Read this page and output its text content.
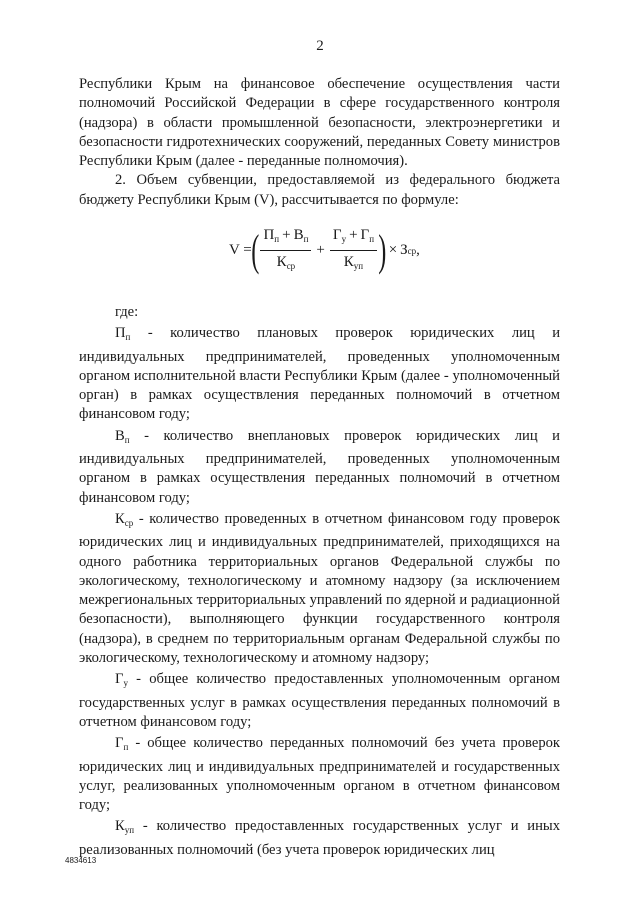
2

Республики Крым на финансовое обеспечение осуществления части полномочий Российской Федерации в сфере государственного контроля (надзора) в области промышленной безопасности, электроэнергетики и безопасности гидротехнических сооружений, переданных Совету министров Республики Крым (далее - переданные полномочия).

2. Объем субвенции, предоставляемой из федерального бюджета бюджету Республики Крым (V), рассчитывается по формуле:

V = ( $\frac{П_п + В_п}{К_{ср}} + \frac{Г_у + Г_п}{К_{уп}}$ ) × З ср ,

где:

$П_п$ - количество плановых проверок юридических лиц и индивидуальных предпринимателей, проведенных уполномоченным органом исполнительной власти Республики Крым (далее - уполномоченный орган) в рамках осуществления переданных полномочий в отчетном финансовом году;

$В_п$ - количество внеплановых проверок юридических лиц и индивидуальных предпринимателей, проведенных уполномоченным органом в рамках осуществления переданных полномочий в отчетном финансовом году;

$К_{ср}$ - количество проведенных в отчетном финансовом году проверок юридических лиц и индивидуальных предпринимателей, приходящихся на одного работника территориальных органов Федеральной службы по экологическому, технологическому и атомному надзору (за исключением межрегиональных территориальных управлений по ядерной и радиационной безопасности), выполняющего функции государственного контроля (надзора), в среднем по территориальным органам Федеральной службы по экологическому, технологическому и атомному надзору;

$Г_у$ - общее количество предоставленных уполномоченным органом государственных услуг в рамках осуществления переданных полномочий в отчетном финансовом году;

$Г_п$ - общее количество переданных полномочий без учета проверок юридических лиц и индивидуальных предпринимателей и государственных услуг, реализованных уполномоченным органом в отчетном финансовом году;

$К_{уп}$ - количество предоставленных государственных услуг и иных реализованных полномочий (без учета проверок юридических лиц

4834613
